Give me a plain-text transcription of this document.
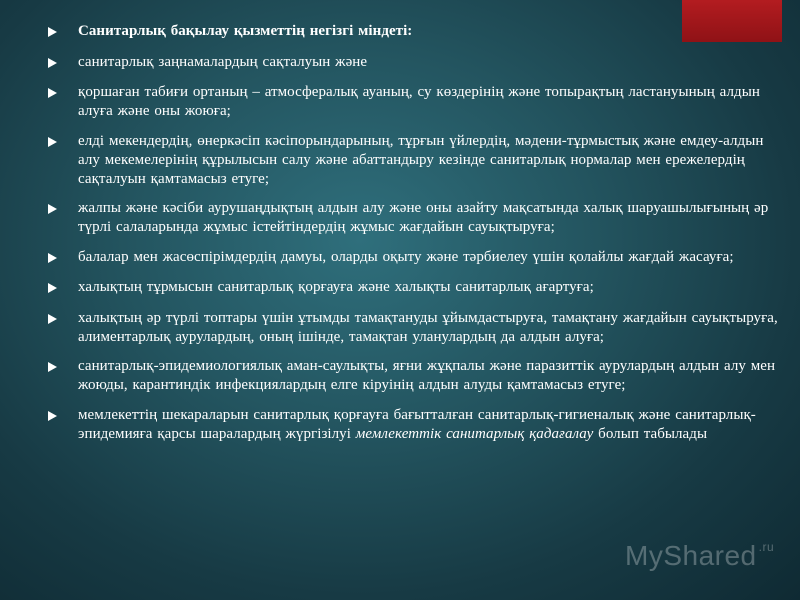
Санитарлық бақылау қызметтің негізгі міндеті:
санитарлық заңнамалардың сақталуын және
қоршаған табиғи ортаның – атмосфералық ауаның, су көздерінің және топырақтың ластануының алдын алуға және оны жоюға;
елді мекендердің, өнеркәсіп кәсіпорындарының, тұрғын үйлердің, мәдени-тұрмыстық және емдеу-алдын алу мекемелерінің құрылысын салу және абаттандыру кезінде санитарлық нормалар мен ережелердің сақталуын қамтамасыз етуге;
жалпы және кәсіби аурушаңдықтың алдын алу және оны азайту мақсатында халық шаруашылығының әр түрлі салаларында жұмыс істейтіндердің жұмыс жағдайын сауықтыруға;
балалар мен жасөспірімдердің дамуы, оларды оқыту және тәрбиелеу үшін қолайлы жағдай жасауға;
халықтың тұрмысын санитарлық қорғауға және халықты санитарлық ағартуға;
халықтың әр түрлі топтары үшін ұтымды тамақтануды ұйымдастыруға, тамақтану жағдайын сауықтыруға, алиментарлық аурулардың, оның ішінде, тамақтан уланулардың да алдын алуға;
санитарлық-эпидемиологиялық аман-саулықты, яғни жұқпалы және паразиттік аурулардың алдын алу мен жоюды, карантиндік инфекциялардың елге кіруінің алдын алуды қамтамасыз етуге;
мемлекеттің шекараларын санитарлық қорғауға бағытталған санитарлық-гигиеналық және санитарлық-эпидемияға қарсы шаралардың жүргізілуі мемлекеттік санитарлық қадағалау болып табылады
MyShared $^{.ru}$
